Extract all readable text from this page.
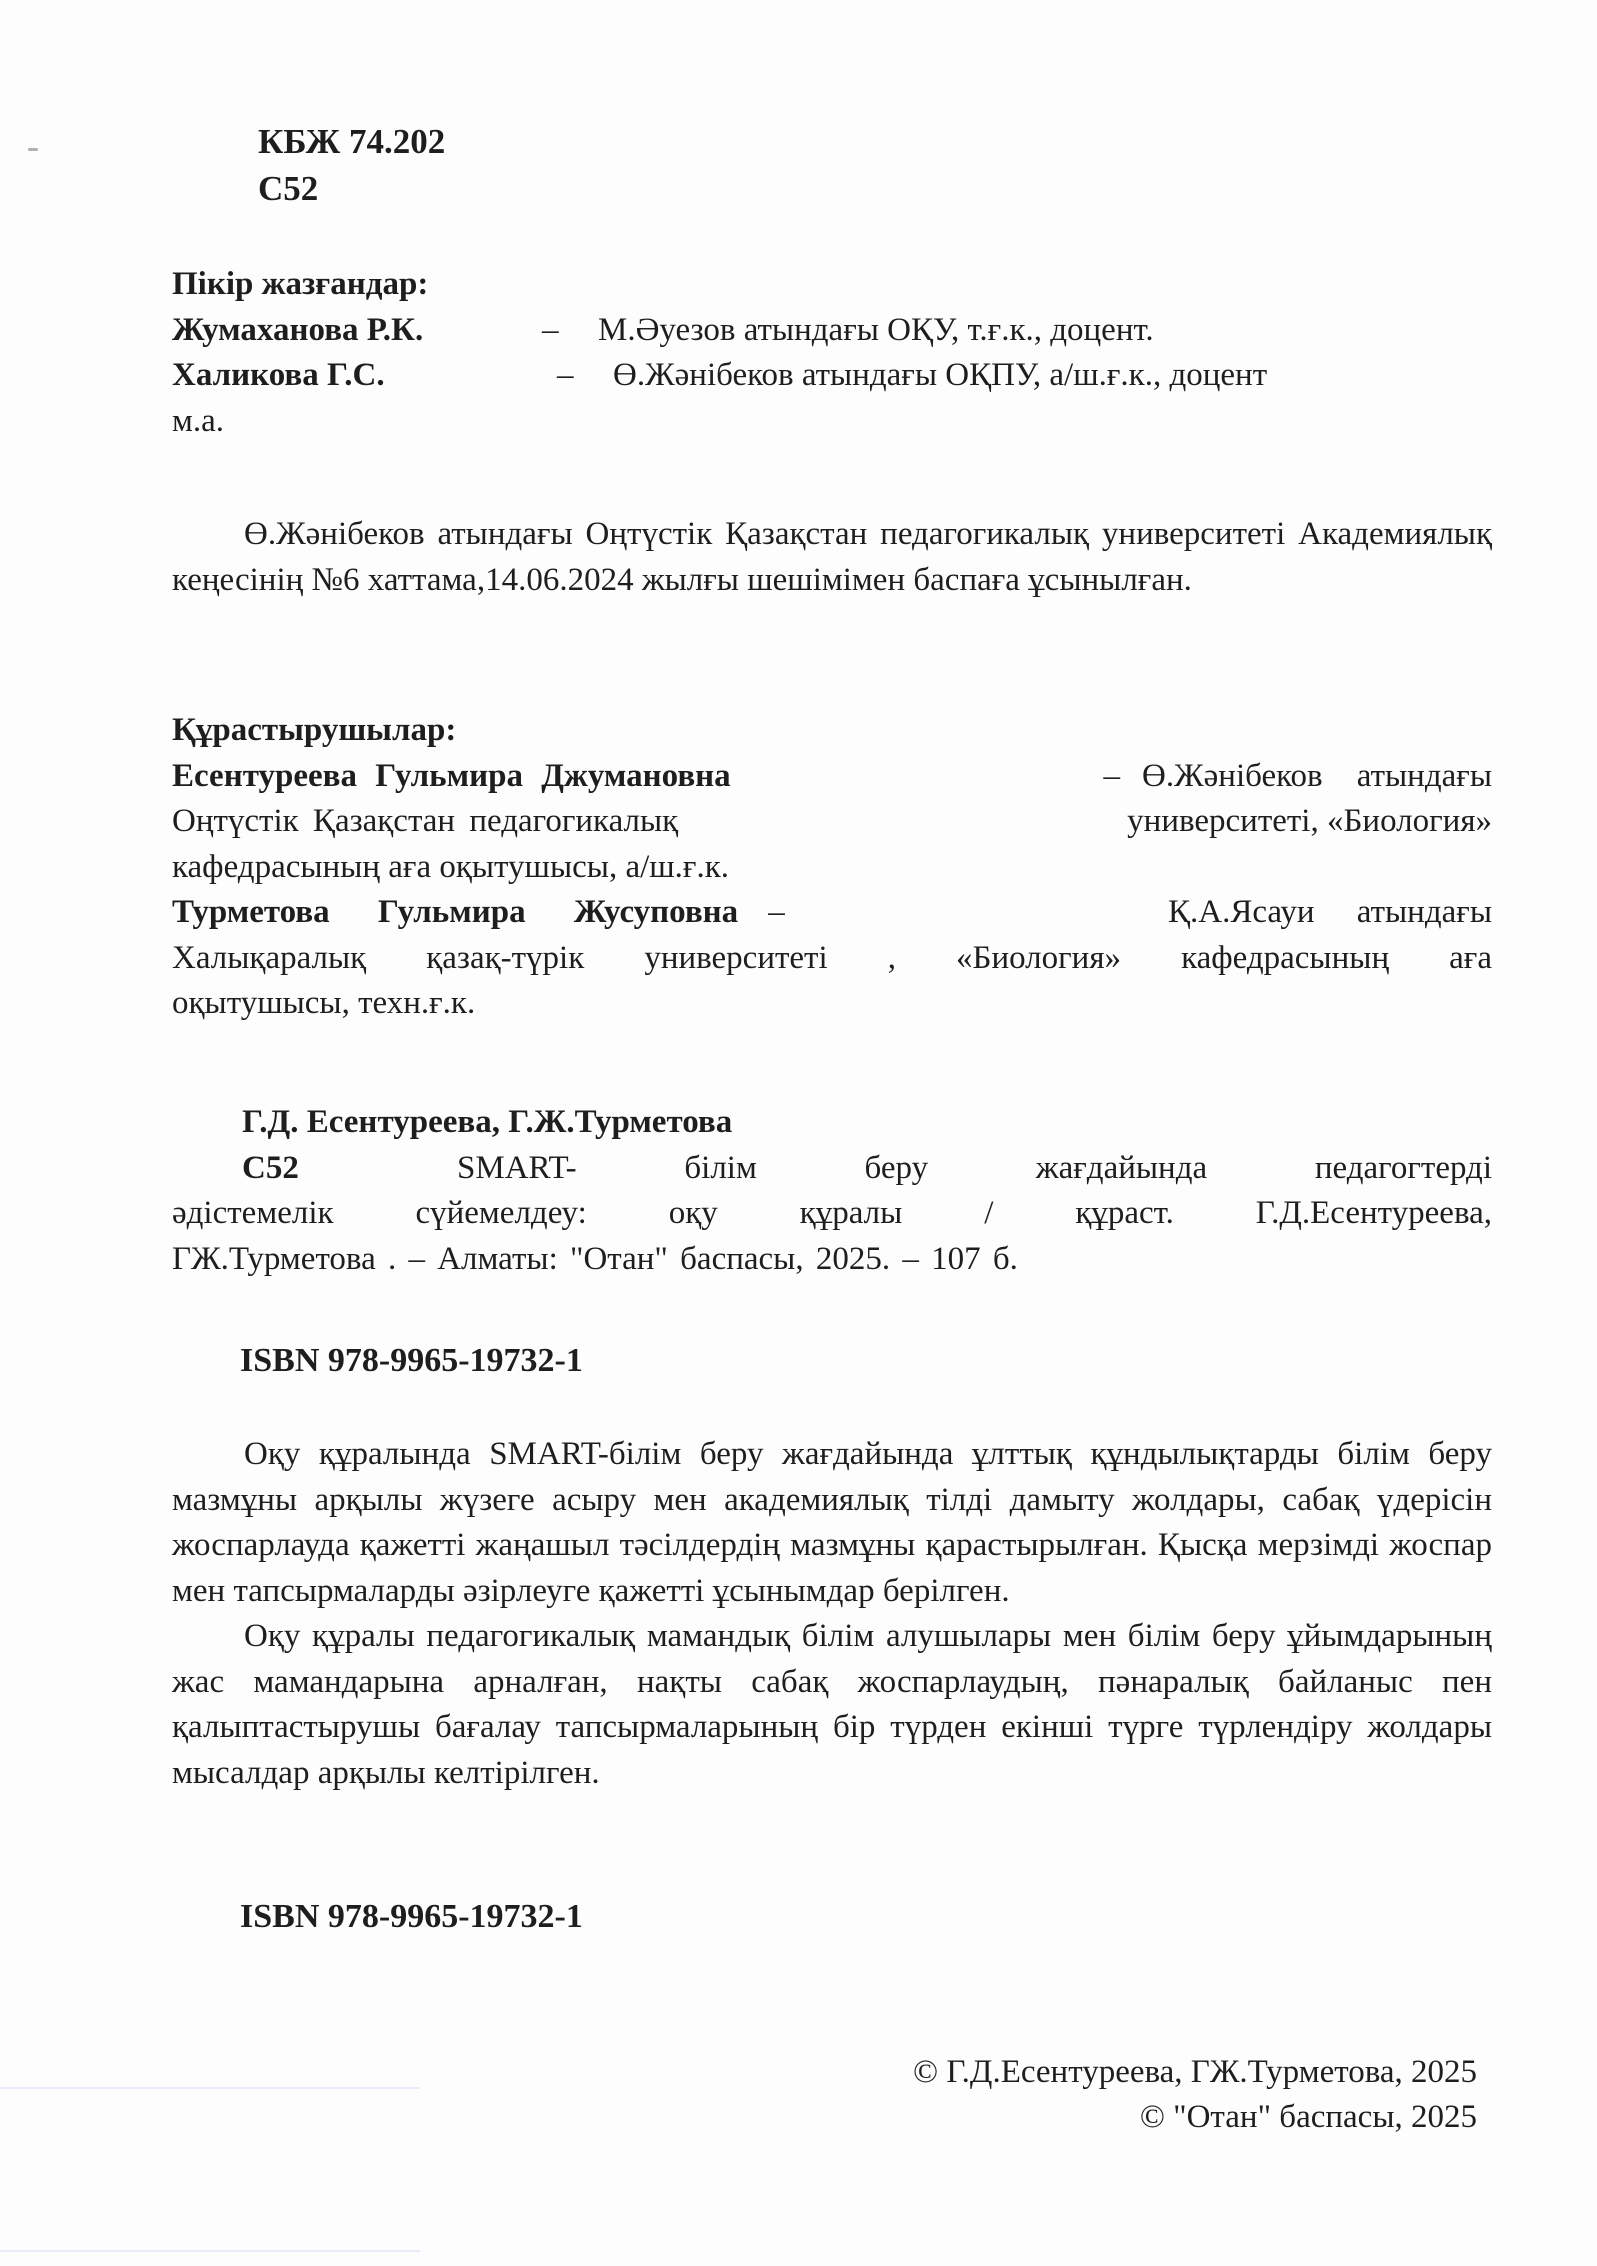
КБЖ 74.202
С52
Пікір жазғандар:
Жумаханова Р.К.	–	М.Әуезов атындағы ОҚУ, т.ғ.к., доцент.
Халикова Г.С.	–	Ө.Жәнібеков атындағы ОҚПУ, а/ш.ғ.к., доцент
м.а.
Ө.Жәнібеков атындағы Оңтүстік Қазақстан педагогикалық университеті Академиялық кеңесінің №6 хаттама,14.06.2024 жылғы шешімімен баспаға ұсынылған.
Құрастырушылар:
Есентуреева Гульмира Джумановна	– Ө.Жәнібеков атындағы
Оңтүстік Қазақстан педагогикалық	университеті, «Биология»
кафедрасының аға оқытушысы, а/ш.ғ.к.
Турметова Гульмира Жусуповна –	Қ.А.Ясауи атындағы
Халықаралық қазақ-түрік университеті , «Биология» кафедрасының аға
оқытушысы, техн.ғ.к.
Г.Д. Есентуреева, Г.Ж.Турметова
С52	SMART- білім беру жағдайында педагогтерді
әдістемелік сүйемелдеу: оқу құралы / құраст. Г.Д.Есентуреева,
ГЖ.Турметова . – Алматы: "Отан" баспасы, 2025. – 107 б.
ISBN 978-9965-19732-1

Оқу құралында SMART-білім беру жағдайында ұлттық құндылықтарды білім беру мазмұны арқылы жүзеге асыру мен академиялық тілді дамыту жолдары, сабақ үдерісін жоспарлауда қажетті жаңашыл тәсілдердің мазмұны қарастырылған. Қысқа мерзімді жоспар мен тапсырмаларды әзірлеуге қажетті ұсынымдар берілген.

Оқу құралы педагогикалық мамандық білім алушылары мен білім беру ұйымдарының жас мамандарына арналған, нақты сабақ жоспарлаудың, пәнаралық байланыс пен қалыптастырушы бағалау тапсырмаларының бір түрден екінші түрге түрлендіру жолдары мысалдар арқылы келтірілген.

ISBN 978-9965-19732-1
© Г.Д.Есентуреева, ГЖ.Турметова, 2025
© "Отан" баспасы, 2025
